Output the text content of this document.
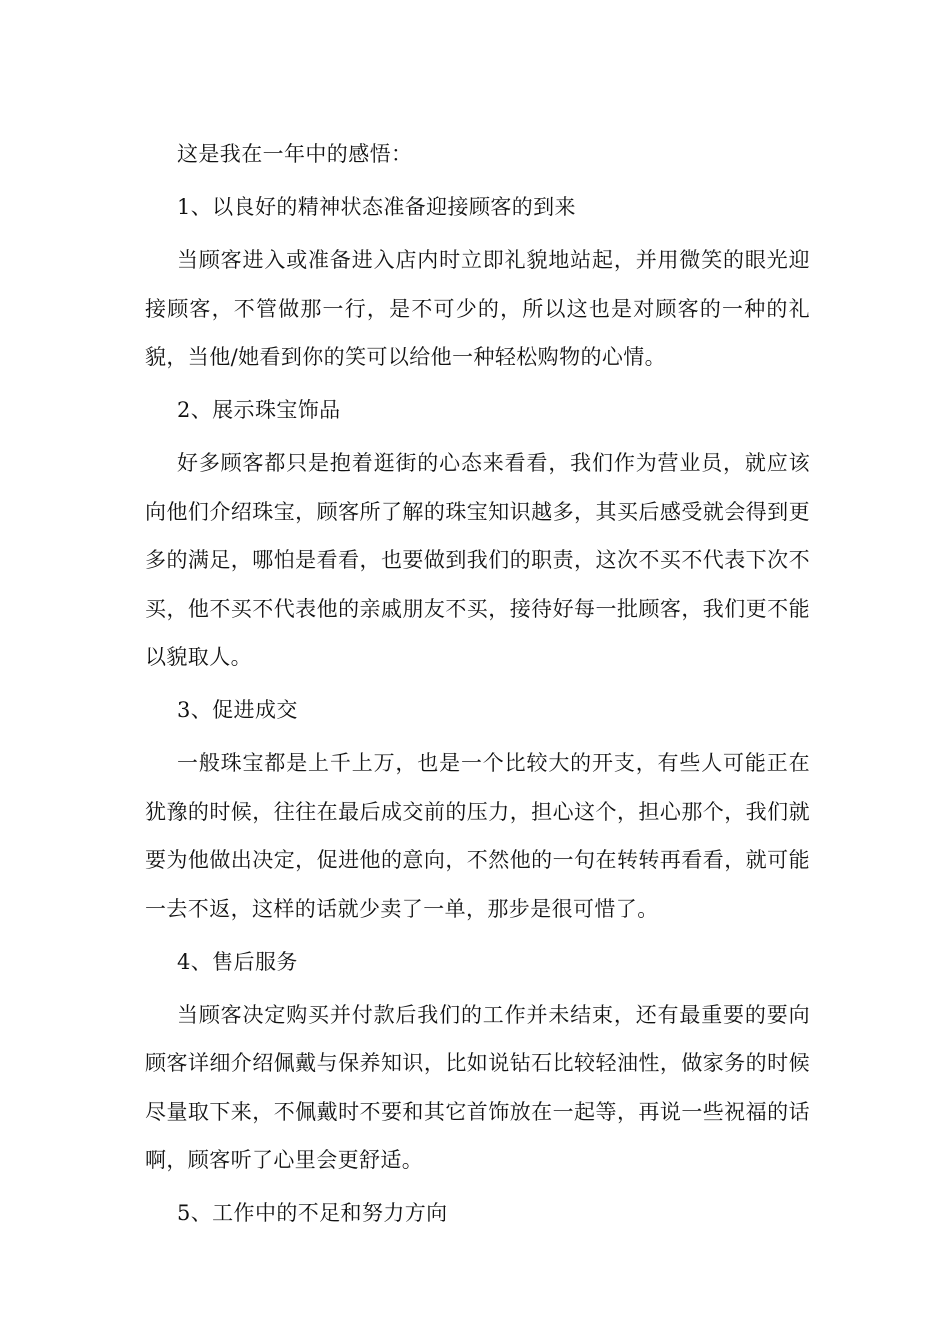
这是我在一年中的感悟：

1、以良好的精神状态准备迎接顾客的到来

当顾客进入或准备进入店内时立即礼貌地站起，并用微笑的眼光迎接顾客，不管做那一行，是不可少的，所以这也是对顾客的一种的礼貌，当他/她看到你的笑可以给他一种轻松购物的心情。

2、展示珠宝饰品

好多顾客都只是抱着逛街的心态来看看，我们作为营业员，就应该向他们介绍珠宝，顾客所了解的珠宝知识越多，其买后感受就会得到更多的满足，哪怕是看看，也要做到我们的职责，这次不买不代表下次不买，他不买不代表他的亲戚朋友不买，接待好每一批顾客，我们更不能以貌取人。

3、促进成交

一般珠宝都是上千上万，也是一个比较大的开支，有些人可能正在犹豫的时候，往往在最后成交前的压力，担心这个，担心那个，我们就要为他做出决定，促进他的意向，不然他的一句在转转再看看，就可能一去不返，这样的话就少卖了一单，那步是很可惜了。

4、售后服务

当顾客决定购买并付款后我们的工作并未结束，还有最重要的要向顾客详细介绍佩戴与保养知识，比如说钻石比较轻油性，做家务的时候尽量取下来，不佩戴时不要和其它首饰放在一起等，再说一些祝福的话啊，顾客听了心里会更舒适。

5、工作中的不足和努力方向
